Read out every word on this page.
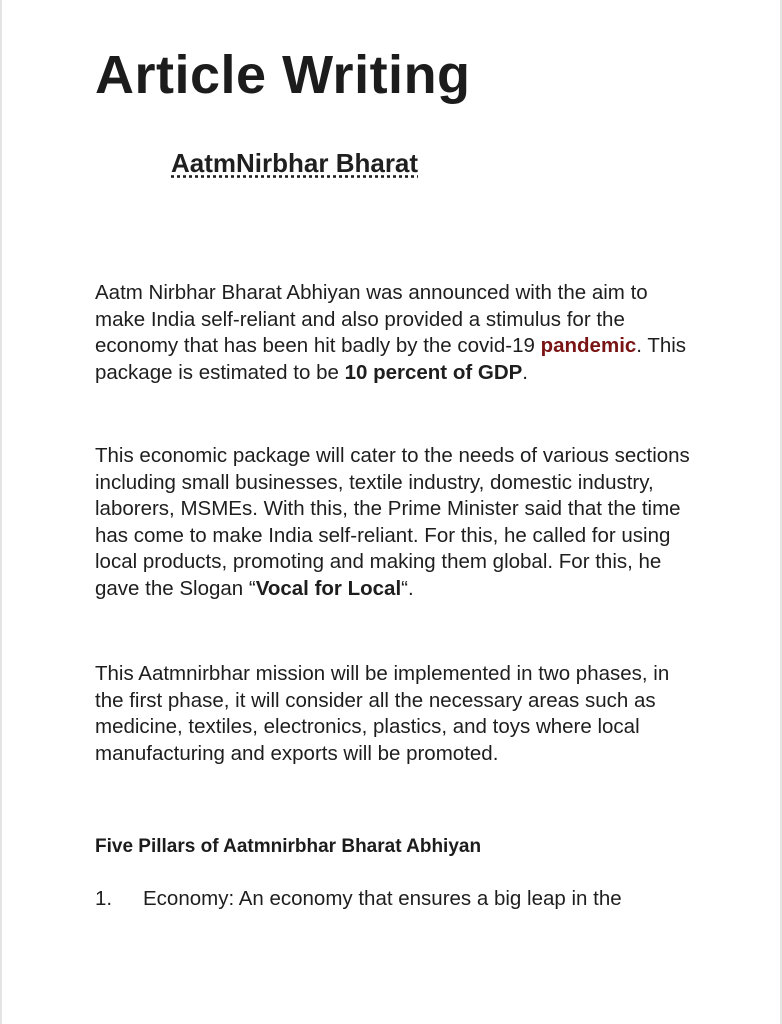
Article Writing
AatmNirbhar Bharat

Aatm Nirbhar Bharat Abhiyan was announced with the aim to make India self-reliant and also provided a stimulus for the economy that has been hit badly by the covid-19 pandemic. This package is estimated to be 10 percent of GDP.

This economic package will cater to the needs of various sections including small businesses, textile industry, domestic industry, laborers, MSMEs. With this, the Prime Minister said that the time has come to make India self-reliant. For this, he called for using local products, promoting and making them global. For this, he gave the Slogan “Vocal for Local“.

This Aatmnirbhar mission will be implemented in two phases, in the first phase, it will consider all the necessary areas such as medicine, textiles, electronics, plastics, and toys where local manufacturing and exports will be promoted.

Five Pillars of Aatmnirbhar Bharat Abhiyan
1. Economy: An economy that ensures a big leap in the
